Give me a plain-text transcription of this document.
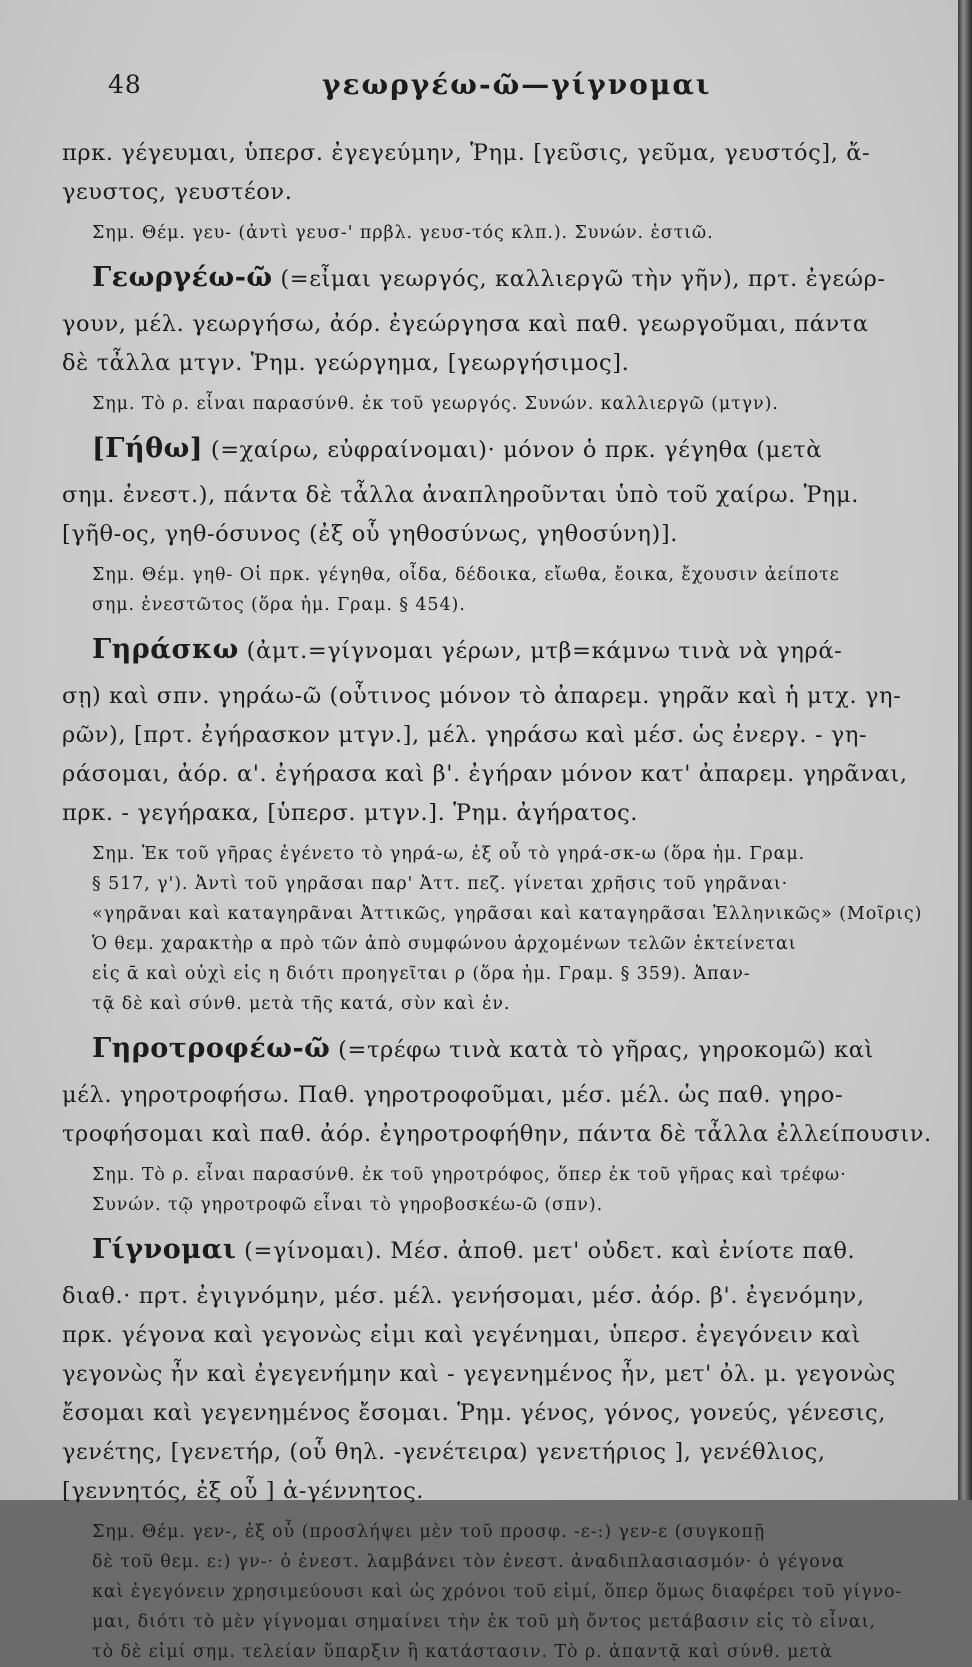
48	γεωργέω-ῶ—γίγνομαι
πρκ. γέγευμαι, ὑπερσ. ἐγεγεύμην, Ῥημ. [γεῦσις, γεῦμα, γευστός], ἄ-
γευστος, γευστέον.
Σημ. Θέμ. γευ- (ἀντὶ γευσ-' πρβλ. γευσ-τός κλπ.). Συνών. ἑστιῶ.
Γεωργέω-ῶ (=εἶμαι γεωργός, καλλιεργῶ τὴν γῆν), πρτ. ἐγεώρ-
γουν, μέλ. γεωργήσω, ἀόρ. ἐγεώργησα καὶ παθ. γεωργοῦμαι, πάντα
δὲ τἆλλα μτγν. Ῥημ. γεώργημα, [γεωργήσιμος].
Σημ. Τὸ ρ. εἶναι παρασύνθ. ἐκ τοῦ γεωργός. Συνών. καλλιεργῶ (μτγν).
[Γήθω] (=χαίρω, εὐφραίνομαι)· μόνον ὁ πρκ. γέγηθα (μετὰ
σημ. ἐνεστ.), πάντα δὲ τἆλλα ἀναπληροῦνται ὑπὸ τοῦ χαίρω. Ῥημ.
[γῆθ-ος, γηθ-όσυνος (ἐξ οὗ γηθοσύνως, γηθοσύνη)].
Σημ. Θέμ. γηθ- Οἱ πρκ. γέγηθα, οἶδα, δέδοικα, εἴωθα, ἔοικα, ἔχουσιν ἀείποτε
σημ. ἐνεστῶτος (ὅρα ἡμ. Γραμ. § 454).
Γηράσκω (ἀμτ.=γίγνομαι γέρων, μτβ=κάμνω τινὰ νὰ γηρά-
σῃ) καὶ σπν. γηράω-ῶ (οὗτινος μόνον τὸ ἀπαρεμ. γηρᾶν καὶ ἡ μτχ. γη-
ρῶν), [πρτ. ἐγήρασκον μτγν.], μέλ. γηράσω καὶ μέσ. ὡς ἐνεργ. - γη-
ράσομαι, ἀόρ. α'. ἐγήρασα καὶ β'. ἐγήραν μόνον κατ' ἀπαρεμ. γηρᾶναι,
πρκ. - γεγήρακα, [ὑπερσ. μτγν.]. Ῥημ. ἀγήρατος.
Σημ. Ἐκ τοῦ γῆρας ἐγένετο τὸ γηρά-ω, ἐξ οὗ τὸ γηρά-σκ-ω (ὅρα ἡμ. Γραμ.
§ 517, γ'). Ἀντὶ τοῦ γηρᾶσαι παρ' Ἀττ. πεζ. γίνεται χρῆσις τοῦ γηρᾶναι·
«γηρᾶναι καὶ καταγηρᾶναι Ἀττικῶς, γηρᾶσαι καὶ καταγηρᾶσαι Ἑλληνικῶς» (Μοῖρις)
Ὁ θεμ. χαρακτὴρ α πρὸ τῶν ἀπὸ συμφώνου ἀρχομένων τελῶν ἐκτείνεται
εἰς ᾱ καὶ οὐχὶ εἰς η διότι προηγεῖται ρ (ὅρα ἡμ. Γραμ. § 359). Ἀπαν-
τᾷ δὲ καὶ σύνθ. μετὰ τῆς κατά, σὺν καὶ ἐν.
Γηροτροφέω-ῶ (=τρέφω τινὰ κατὰ τὸ γῆρας, γηροκομῶ) καὶ
μέλ. γηροτροφήσω. Παθ. γηροτροφοῦμαι, μέσ. μέλ. ὡς παθ. γηρο-
τροφήσομαι καὶ παθ. ἀόρ. ἐγηροτροφήθην, πάντα δὲ τἆλλα ἐλλείπουσιν.
Σημ. Τὸ ρ. εἶναι παρασύνθ. ἐκ τοῦ γηροτρόφος, ὅπερ ἐκ τοῦ γῆρας καὶ τρέφω·
Συνών. τῷ γηροτροφῶ εἶναι τὸ γηροβοσκέω-ῶ (σπν).
Γίγνομαι (=γίνομαι). Μέσ. ἀποθ. μετ' οὐδετ. καὶ ἐνίοτε παθ.
διαθ.· πρτ. ἐγιγνόμην, μέσ. μέλ. γενήσομαι, μέσ. ἀόρ. β'. ἐγενόμην,
πρκ. γέγονα καὶ γεγονὼς εἰμι καὶ γεγένημαι, ὑπερσ. ἐγεγόνειν καὶ
γεγονὼς ἦν καὶ ἐγεγενήμην καὶ - γεγενημένος ἦν, μετ' ὀλ. μ. γεγονὼς
ἔσομαι καὶ γεγενημένος ἔσομαι. Ῥημ. γένος, γόνος, γονεύς, γένεσις,
γενέτης, [γενετήρ, (οὗ θηλ. -γενέτειρα) γενετήριος ], γενέθλιος,
[γεννητός, ἐξ οὗ ] ἀ-γέννητος.
Σημ. Θέμ. γεν-, ἐξ οὗ (προσλήψει μὲν τοῦ προσφ. -ε-:) γεν-ε (συγκοπῇ
δὲ τοῦ θεμ. ε:) γν-· ὁ ἐνεστ. λαμβάνει τὸν ἐνεστ. ἀναδιπλασιασμόν· ὁ γέγονα
καὶ ἐγεγόνειν χρησιμεύουσι καὶ ὡς χρόνοι τοῦ εἰμί, ὅπερ ὅμως διαφέρει τοῦ γίγνο-
μαι, διότι τὸ μὲν γίγνομαι σημαίνει τὴν ἐκ τοῦ μὴ ὄντος μετάβασιν εἰς τὸ εἶναι,
τὸ δὲ εἰμί σημ. τελείαν ὕπαρξιν ἢ κατάστασιν. Τὸ ρ. ἀπαντᾷ καὶ σύνθ. μετὰ
